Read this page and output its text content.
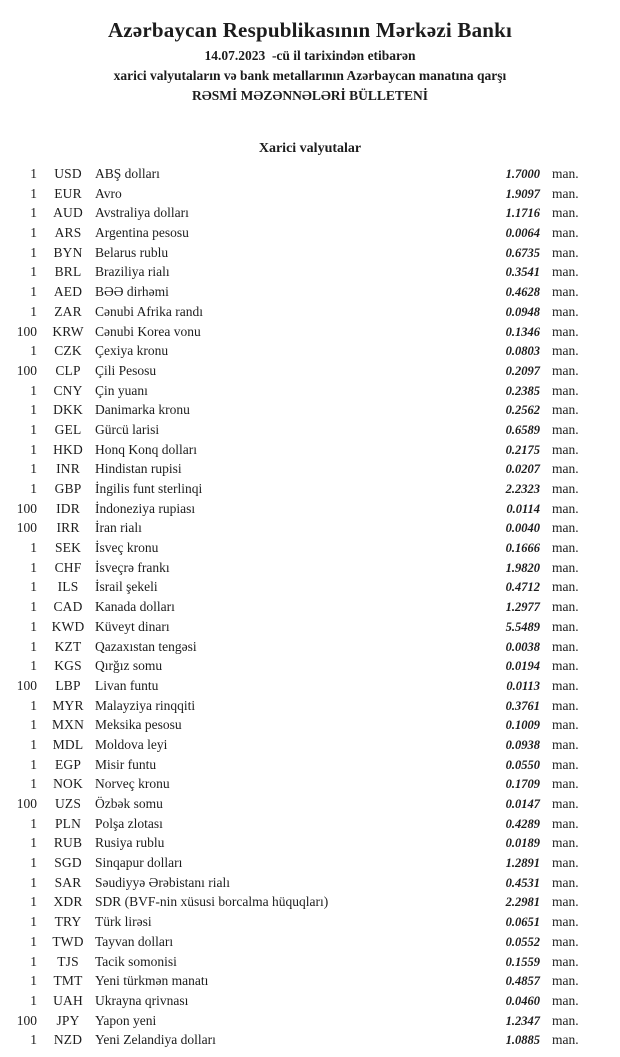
Azərbaycan Respublikasının Mərkəzi Bankı
14.07.2023  -cü il tarixindən etibarən
xarici valyutaların və bank metallarının Azərbaycan manatına qarşı
RƏSMİ MƏZƏNNƏLƏRİ BÜLLETENİ
Xarici valyutalar
1	USD ABŞ dolları	1.7000 man.
1	EUR Avro	1.9097 man.
1	AUD Avstraliya dolları	1.1716 man.
1	ARS	Argentina pesosu	0.0064 man.
1	BYN Belarus rublu	0.6735 man.
1	BRL	Braziliya rialı	0.3541 man.
1	AED BƏƏ dirhəmi	0.4628 man.
1	ZAR Cənubi Afrika randı	0.0948 man.
100	KRW Cənubi Korea vonu	0.1346 man.
1	CZK Çexiya kronu	0.0803 man.
100	CLP	Çili Pesosu	0.2097 man.
1	CNY Çin yuanı	0.2385 man.
1	DKK Danimarka kronu	0.2562 man.
1	GEL	Gürcü larisi	0.6589 man.
1	HKD Honq Konq dolları	0.2175 man.
1	INR	Hindistan rupisi	0.0207 man.
1	GBP	İngilis funt sterlinqi	2.2323 man.
100	IDR	İndoneziya rupiası	0.0114 man.
100	IRR	İran rialı	0.0040 man.
1	SEK	İsveç kronu	0.1666 man.
1	CHF	İsveçrə frankı	1.9820 man.
1	ILS	İsrail şekeli	0.4712 man.
1	CAD Kanada dolları	1.2977 man.
1	KWD Küveyt dinarı	5.5489 man.
1	KZT	Qazaxıstan tengəsi	0.0038 man.
1	KGS Qırğız somu	0.0194 man.
100	LBP	Livan funtu	0.0113 man.
1	MYR Malayziya rinqqiti	0.3761 man.
1	MXN Meksika pesosu	0.1009 man.
1	MDL Moldova leyi	0.0938 man.
1	EGP	Misir funtu	0.0550 man.
1	NOK Norveç kronu	0.1709 man.
100	UZS	Özbək somu	0.0147 man.
1	PLN	Polşa zlotası	0.4289 man.
1	RUB Rusiya rublu	0.0189 man.
1	SGD Sinqapur dolları	1.2891 man.
1	SAR	Səudiyyə Ərəbistanı rialı	0.4531 man.
1	XDR SDR (BVF-nin xüsusi borcalma hüquqları)	2.2981 man.
1	TRY	Türk lirəsi	0.0651 man.
1	TWD Tayvan dolları	0.0552 man.
1	TJS	Tacik somonisi	0.1559 man.
1	TMT Yeni türkmən manatı	0.4857 man.
1	UAH Ukrayna qrivnası	0.0460 man.
100	JPY	Yapon yeni	1.2347 man.
1	NZD Yeni Zelandiya dolları	1.0885 man.
